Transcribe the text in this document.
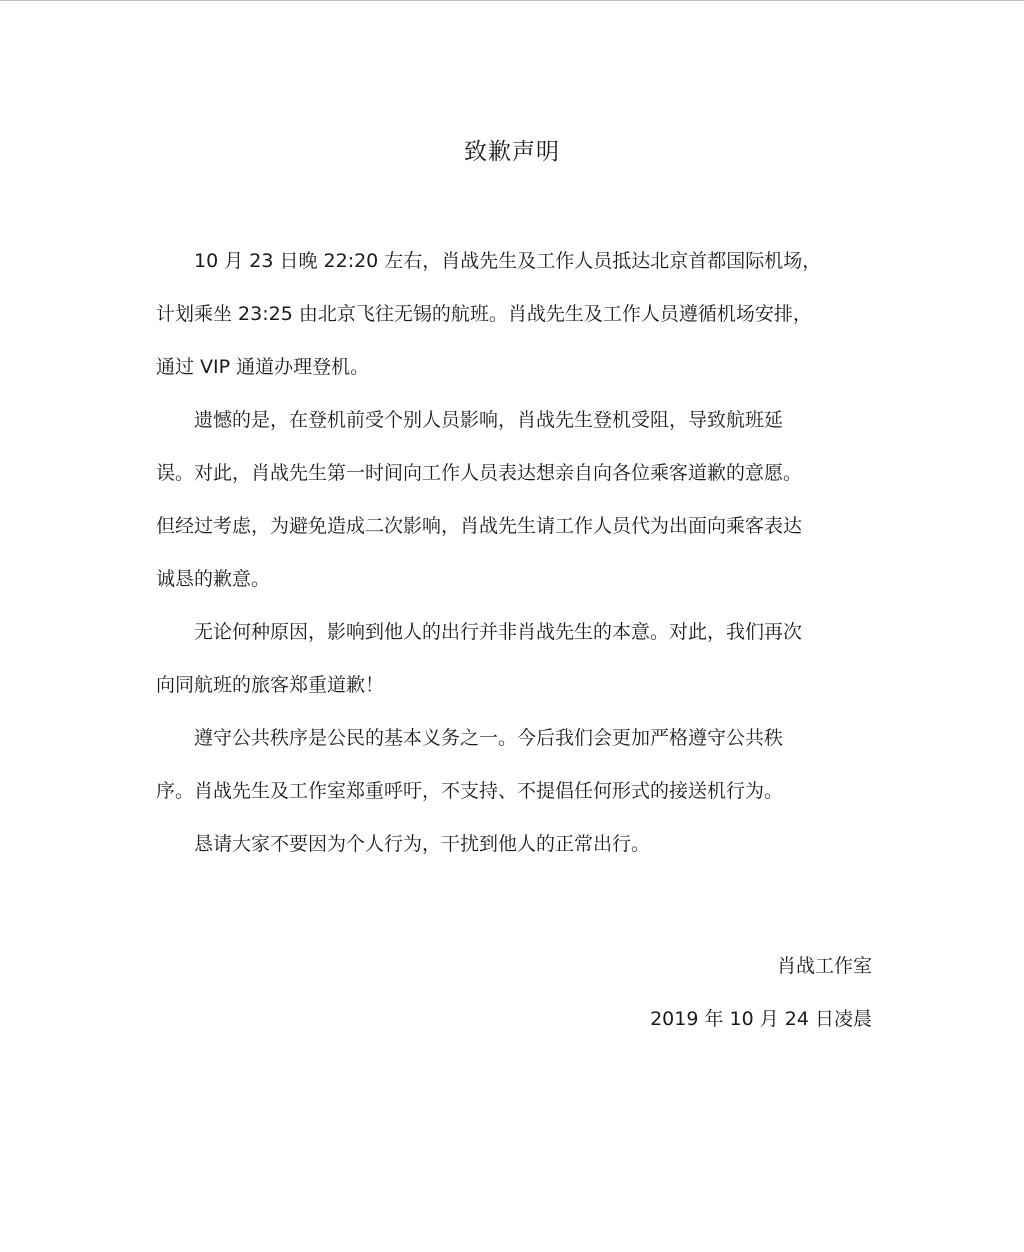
致歉声明

10 月 23 日晚 22:20 左右，肖战先生及工作人员抵达北京首都国际机场，
计划乘坐 23:25 由北京飞往无锡的航班。肖战先生及工作人员遵循机场安排，
通过 VIP 通道办理登机。

遗憾的是，在登机前受个别人员影响，肖战先生登机受阻，导致航班延
误。对此，肖战先生第一时间向工作人员表达想亲自向各位乘客道歉的意愿。
但经过考虑，为避免造成二次影响，肖战先生请工作人员代为出面向乘客表达
诚恳的歉意。

无论何种原因，影响到他人的出行并非肖战先生的本意。对此，我们再次
向同航班的旅客郑重道歉！

遵守公共秩序是公民的基本义务之一。今后我们会更加严格遵守公共秩
序。肖战先生及工作室郑重呼吁，不支持、不提倡任何形式的接送机行为。

恳请大家不要因为个人行为，干扰到他人的正常出行。

肖战工作室
2019 年 10 月 24 日凌晨
